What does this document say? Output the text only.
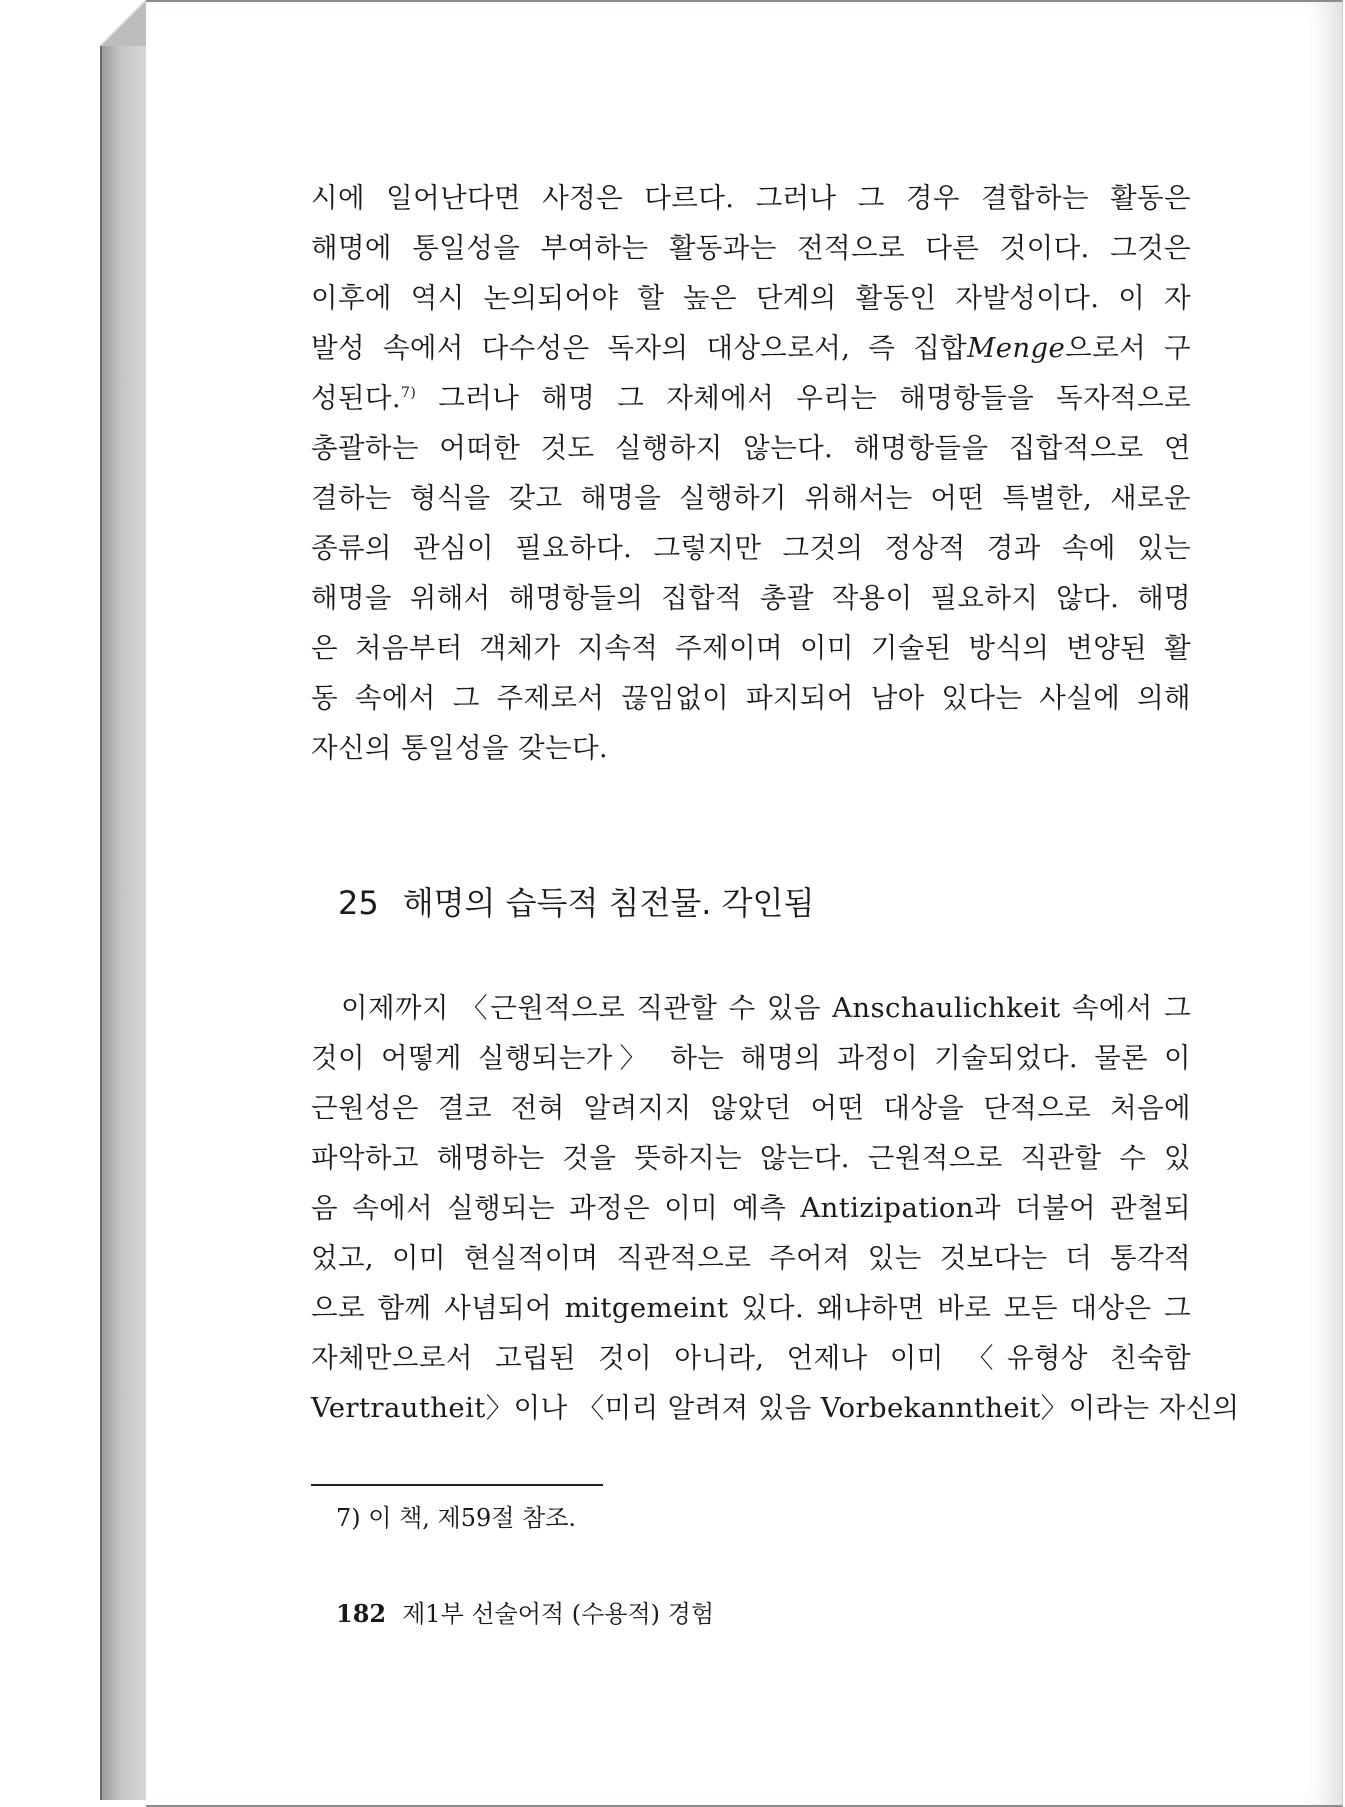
시에 일어난다면 사정은 다르다. 그러나 그 경우 결합하는 활동은
해명에 통일성을 부여하는 활동과는 전적으로 다른 것이다. 그것은
이후에 역시 논의되어야 할 높은 단계의 활동인 자발성이다. 이 자
발성 속에서 다수성은 독자의 대상으로서, 즉 집합Menge으로서 구
성된다.$^{7)}$ 그러나 해명 그 자체에서 우리는 해명항들을 독자적으로
총괄하는 어떠한 것도 실행하지 않는다. 해명항들을 집합적으로 연
결하는 형식을 갖고 해명을 실행하기 위해서는 어떤 특별한, 새로운
종류의 관심이 필요하다. 그렇지만 그것의 정상적 경과 속에 있는
해명을 위해서 해명항들의 집합적 총괄 작용이 필요하지 않다. 해명
은 처음부터 객체가 지속적 주제이며 이미 기술된 방식의 변양된 활
동 속에서 그 주제로서 끊임없이 파지되어 남아 있다는 사실에 의해
자신의 통일성을 갖는다.
25 해명의 습득적 침전물. 각인됨
이제까지 〈근원적으로 직관할 수 있음 Anschaulichkeit 속에서 그
것이 어떻게 실행되는가〉 하는 해명의 과정이 기술되었다. 물론 이
근원성은 결코 전혀 알려지지 않았던 어떤 대상을 단적으로 처음에
파악하고 해명하는 것을 뜻하지는 않는다. 근원적으로 직관할 수 있
음 속에서 실행되는 과정은 이미 예측 Antizipation과 더불어 관철되
었고, 이미 현실적이며 직관적으로 주어져 있는 것보다는 더 통각적
으로 함께 사념되어 mitgemeint 있다. 왜냐하면 바로 모든 대상은 그
자체만으로서 고립된 것이 아니라, 언제나 이미 〈유형상 친숙함
Vertrautheit〉이나 〈미리 알려져 있음 Vorbekanntheit〉이라는 자신의
7) 이 책, 제59절 참조.
182 제1부 선술어적 (수용적) 경험
